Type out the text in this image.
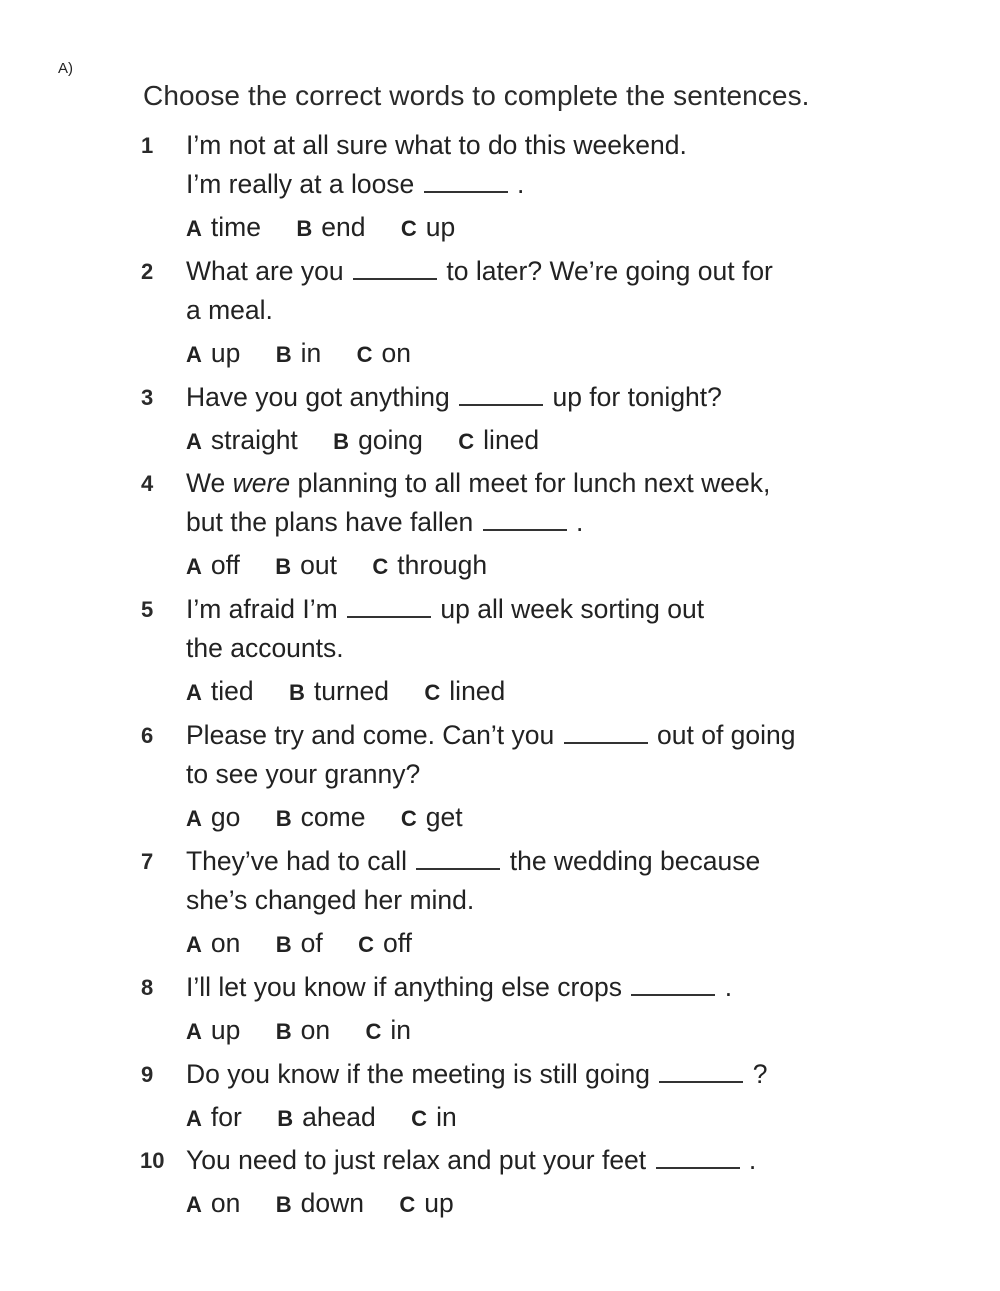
A)
Choose the correct words to complete the sentences.
1 I’m not at all sure what to do this weekend.
I’m really at a loose	.
A time B end C up
2 What are you	to later? We’re going out for
a meal.
A up B in C on
3 Have you got anything	up for tonight?
A straight B going C lined
4 We were planning to all meet for lunch next week,
but the plans have fallen	.
A off B out C through
5 I’m afraid I’m	up all week sorting out
the accounts.
A tied B turned C lined
6 Please try and come. Can’t you	out of going
to see your granny?
A go B come C get
7 They’ve had to call	the wedding because
she’s changed her mind.
A on B of C off
8 I’ll let you know if anything else crops	.
A up B on C in
9 Do you know if the meeting is still going	?
A for B ahead C in
10 You need to just relax and put your feet	.
A on B down C up
